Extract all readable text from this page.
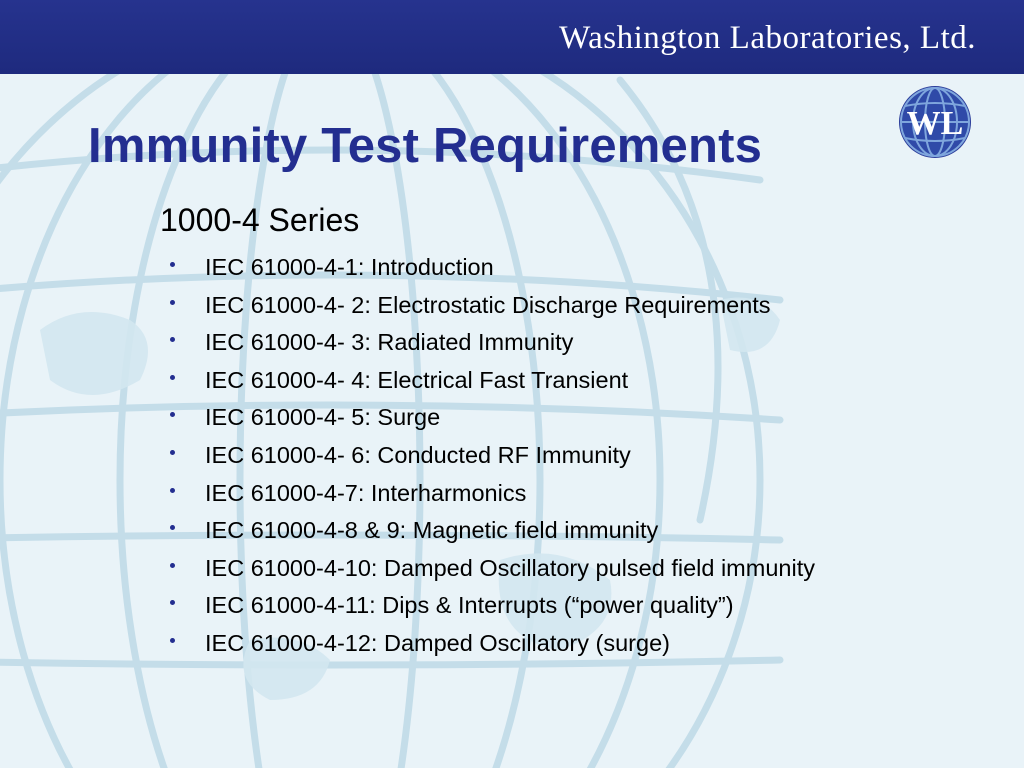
Washington Laboratories, Ltd.
WL
Immunity Test Requirements
1000-4 Series
IEC 61000-4-1: Introduction
IEC 61000-4- 2: Electrostatic Discharge Requirements
IEC 61000-4- 3: Radiated Immunity
IEC 61000-4- 4: Electrical Fast Transient
IEC 61000-4- 5: Surge
IEC 61000-4- 6: Conducted RF Immunity
IEC 61000-4-7: Interharmonics
IEC 61000-4-8 & 9: Magnetic field immunity
IEC 61000-4-10: Damped Oscillatory pulsed field immunity
IEC 61000-4-11: Dips & Interrupts (“power quality”)
IEC 61000-4-12: Damped Oscillatory (surge)
